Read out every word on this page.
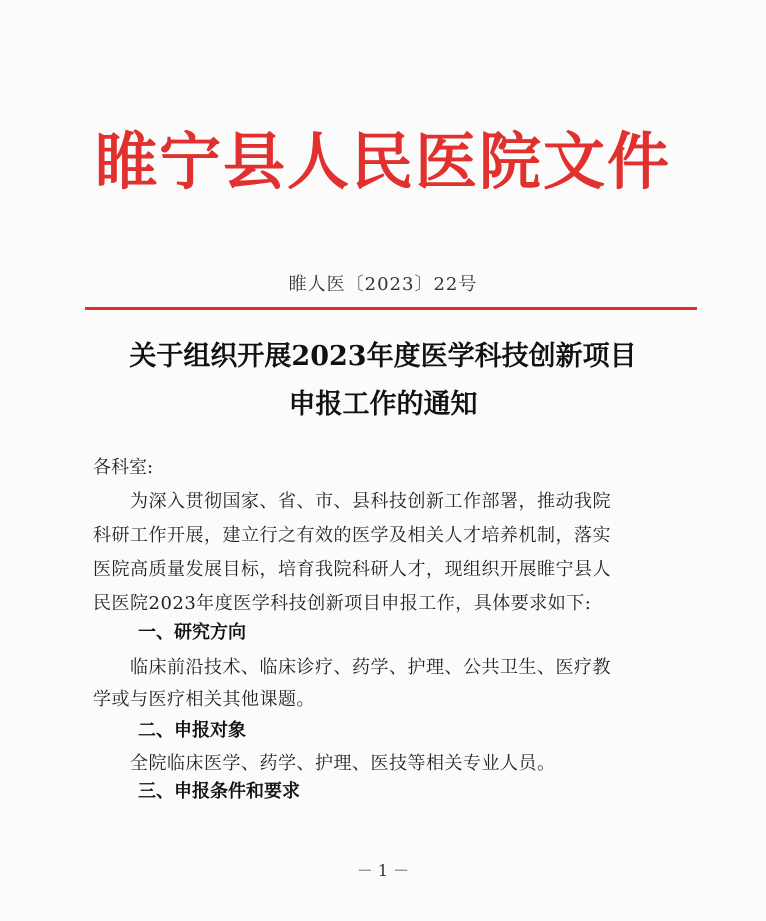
睢宁县人民医院文件
睢人医〔2023〕22号
关于组织开展2023年度医学科技创新项目
申报工作的通知
各科室:
为深入贯彻国家、省、市、县科技创新工作部署，推动我院
科研工作开展，建立行之有效的医学及相关人才培养机制，落实
医院高质量发展目标，培育我院科研人才，现组织开展睢宁县人
民医院2023年度医学科技创新项目申报工作，具体要求如下:
一、研究方向
临床前沿技术、临床诊疗、药学、护理、公共卫生、医疗教
学或与医疗相关其他课题。
二、申报对象
全院临床医学、药学、护理、医技等相关专业人员。
三、申报条件和要求
－ 1 －
